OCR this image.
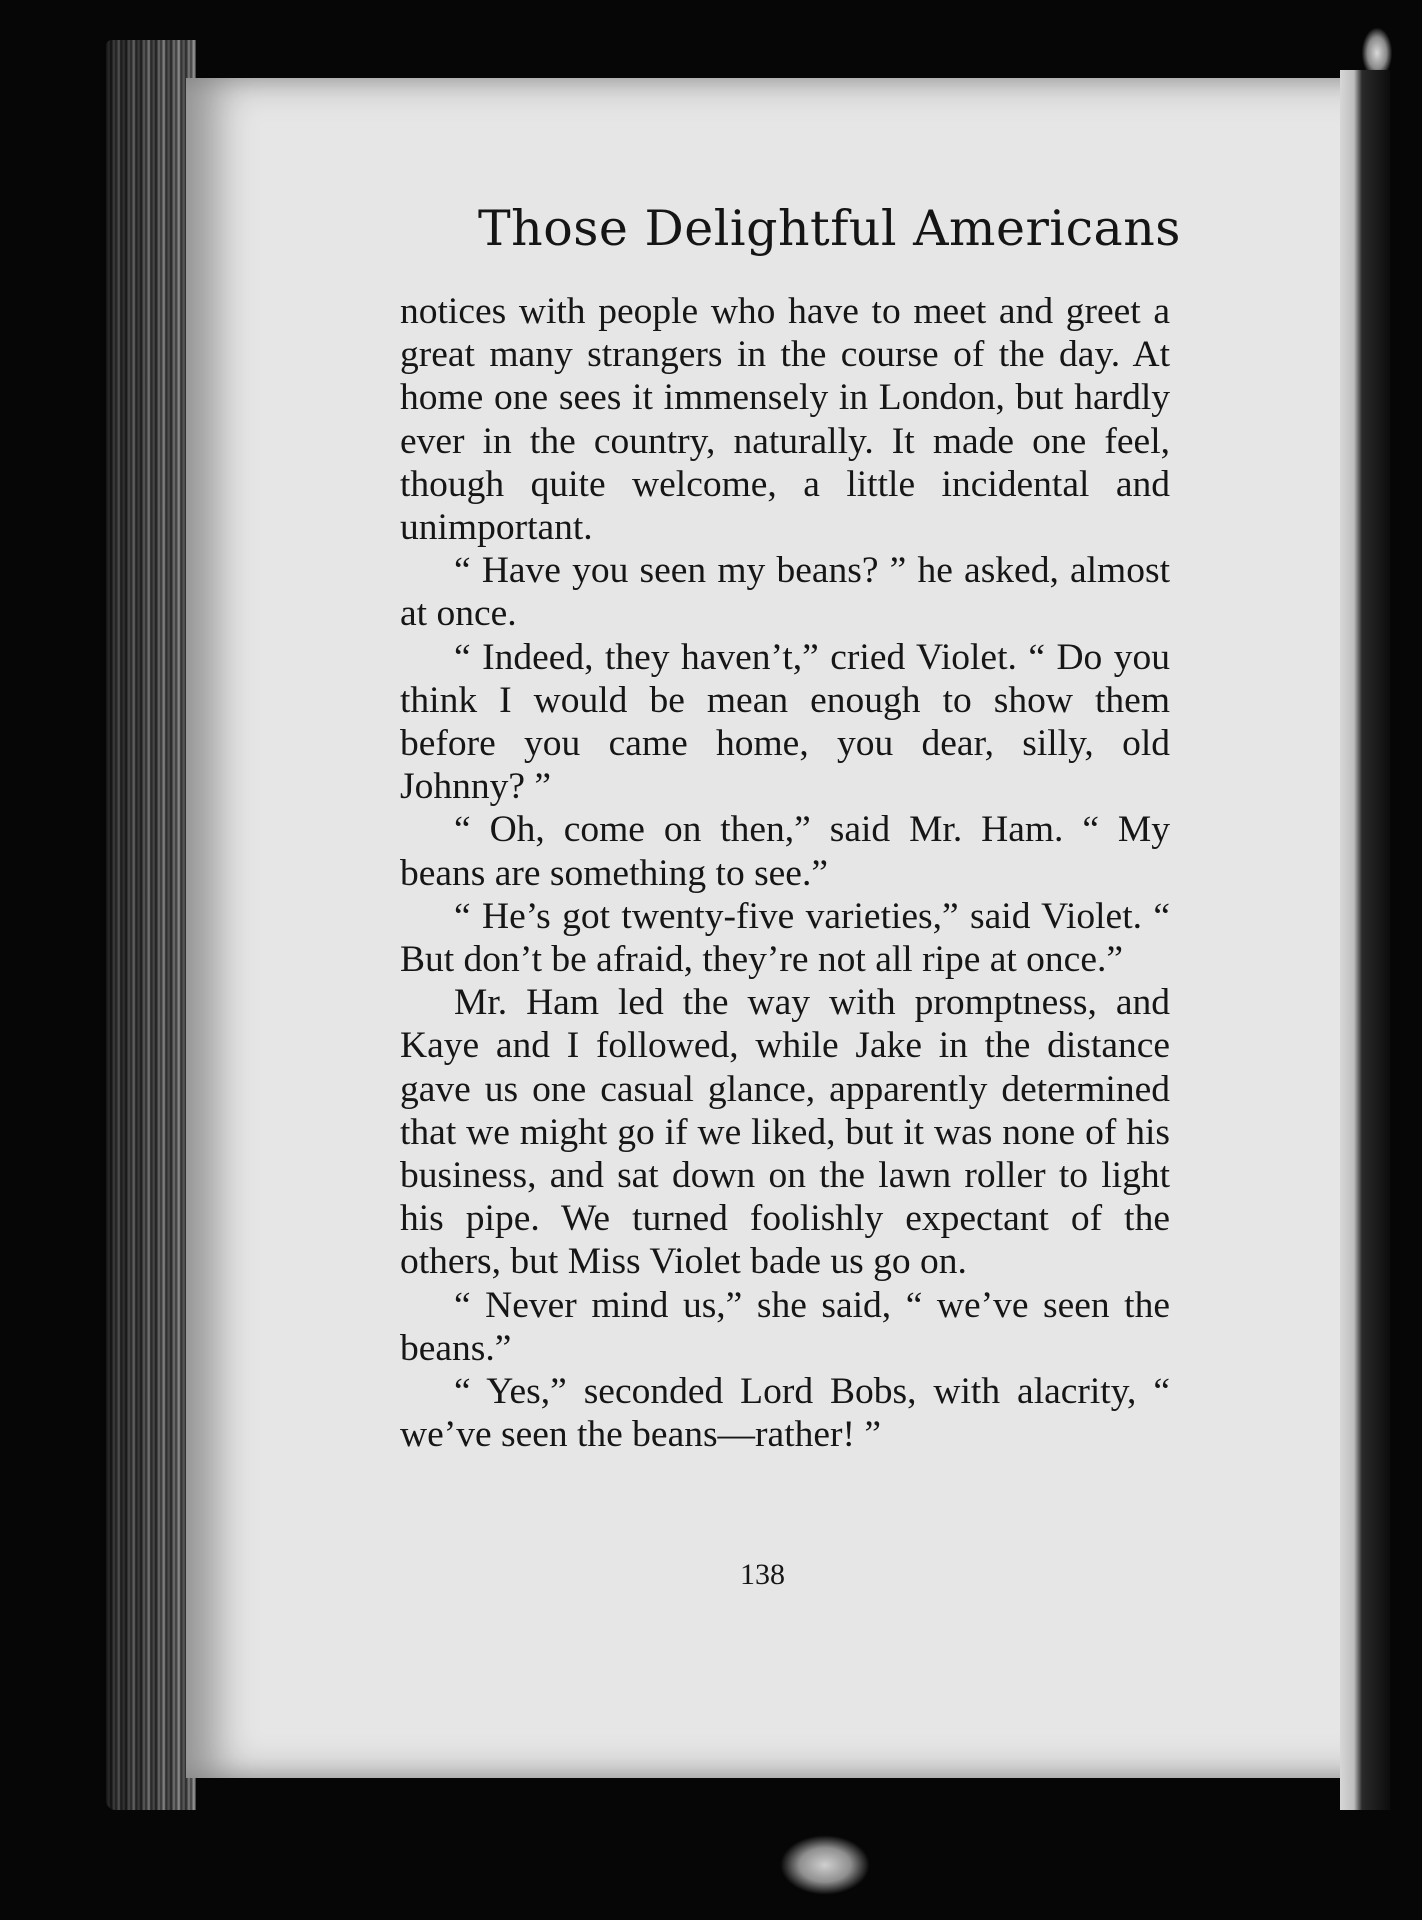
Those Delightful Americans

notices with people who have to meet and greet a great many strangers in the course of the day. At home one sees it immensely in London, but hardly ever in the country, naturally. It made one feel, though quite welcome, a little incidental and unimportant.

“ Have you seen my beans? ” he asked, almost at once.

“ Indeed, they haven’t,” cried Violet. “ Do you think I would be mean enough to show them before you came home, you dear, silly, old Johnny? ”

“ Oh, come on then,” said Mr. Ham. “ My beans are something to see.”

“ He’s got twenty-five varieties,” said Violet. “ But don’t be afraid, they’re not all ripe at once.”

Mr. Ham led the way with promptness, and Kaye and I followed, while Jake in the distance gave us one casual glance, apparently determined that we might go if we liked, but it was none of his business, and sat down on the lawn roller to light his pipe. We turned foolishly expectant of the others, but Miss Violet bade us go on.

“ Never mind us,” she said, “ we’ve seen the beans.”

“ Yes,” seconded Lord Bobs, with alacrity, “ we’ve seen the beans—rather! ”

138
